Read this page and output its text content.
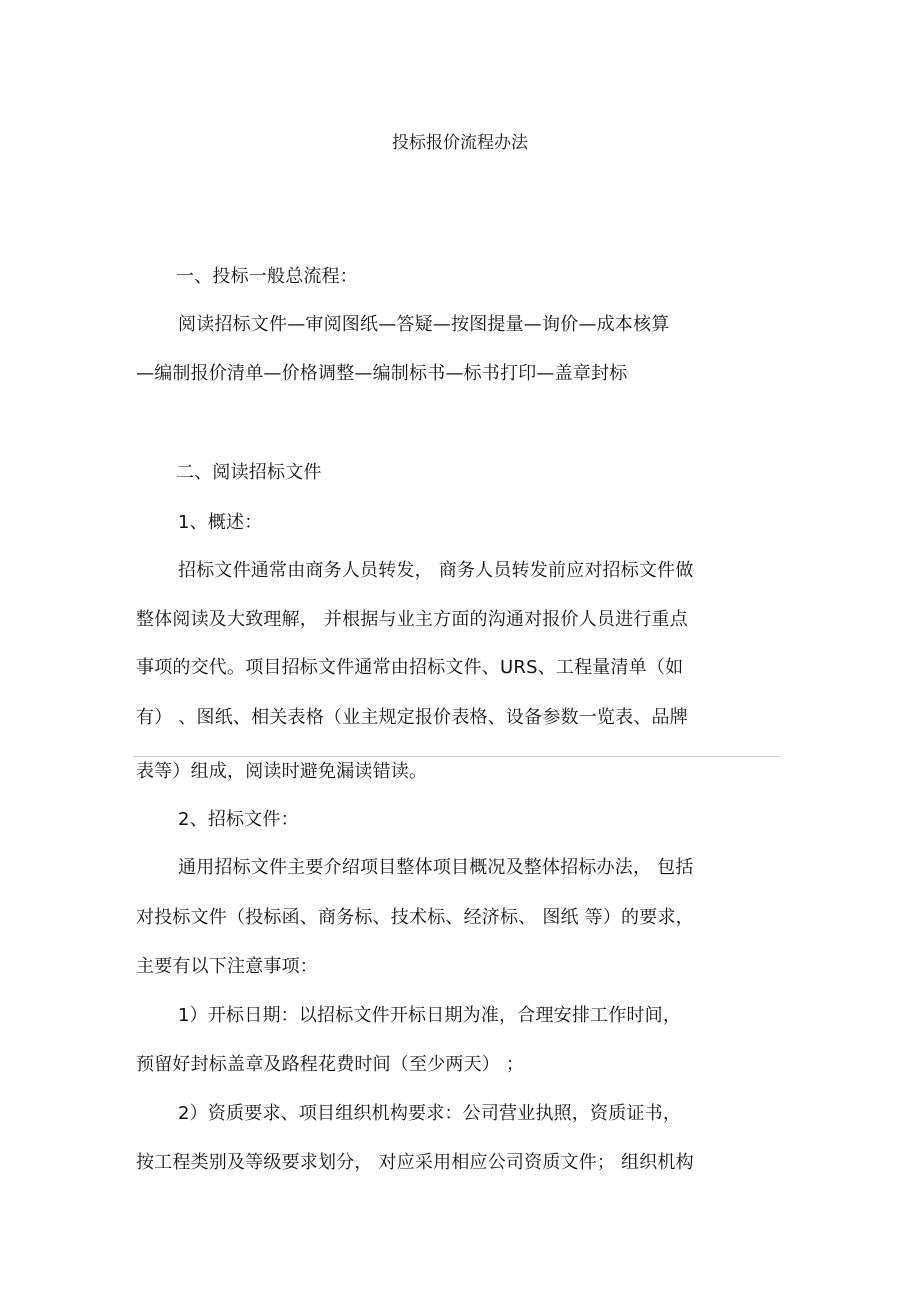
投标报价流程办法
一、投标一般总流程：
阅读招标文件—审阅图纸—答疑—按图提量—询价—成本核算
—编制报价清单—价格调整—编制标书—标书打印—盖章封标
二、阅读招标文件
1、概述：
招标文件通常由商务人员转发， 商务人员转发前应对招标文件做
整体阅读及大致理解， 并根据与业主方面的沟通对报价人员进行重点
事项的交代。项目招标文件通常由招标文件、URS、工程量清单（如
有） 、图纸、相关表格（业主规定报价表格、设备参数一览表、品牌
表等）组成，阅读时避免漏读错读。
2、招标文件：
通用招标文件主要介绍项目整体项目概况及整体招标办法， 包括
对投标文件（投标函、商务标、技术标、经济标、 图纸 等）的要求，
主要有以下注意事项：
1）开标日期：以招标文件开标日期为准，合理安排工作时间，
预留好封标盖章及路程花费时间（至少两天） ；
2）资质要求、项目组织机构要求：公司营业执照，资质证书，
按工程类别及等级要求划分， 对应采用相应公司资质文件； 组织机构
